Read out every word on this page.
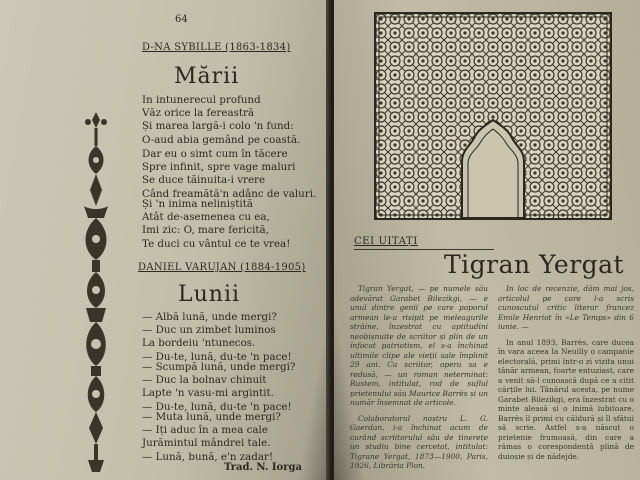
64
D-NA SYBILLE (1863-1834)
Mării
In intunerecul profund
Văz orice la fereastră
Și marea largă-i colo 'n fund:
O-aud abia gemând pe coastă.
Dar eu o simt cum în tăcere
Spre infinit, spre vage maluri
Se duce tăinuita-i vrere
Când freamătă'n adânc de valuri.
Și 'n inima neliniștită
Atât de-asemenea cu ea,
Imi zic: O, mare fericită,
Te duci cu vântul ce te vrea!
DANIEL VARUJAN (1884-1905)
Lunii
— Albă lună, unde mergi?
— Duc un zimbet luminos
La bordeiu 'ntunecos.
— Du-te, lună, du-te 'n pace!
— Scumpă lună, unde mergi?
— Duc la bolnav chinuit
Lapte 'n vasu-mi argintit.
— Du-te, lună, du-te 'n pace!
— Muta lună, unde mergi?
— Iți aduc în a mea cale
Jurămintul mândrei tale.
— Lună, bună, e'n zadar!
Trad. N. Iorga
CEI UITAȚI
Tigran Yergat

Tigran Yergat, — pe numele său adevărat Garabet Bilezikgi, — e unul dintre genii pe care poporul armean le-a risipit pe meleagurile străine, înzestrat cu aptitudini neobișnuite de scriitor și plin de un înfocat patriotism, el s-a închinat ultimile clipe ale vieții sale împlinit 29 ani. Ca scriitor, opera sa e redusă, — un roman neterminat: Rustem, intitulat, rod de suflul prietenului său Maurice Barrès și un număr însemnat de articole.

Colaboratorul nostru L. G. Gaerdan, i-a închinat acum de curând scriitorului său de tinerețe un studiu bine cercetat, intitulat: Tigrane Yergat, 1873—1900, Paris, 1926, Librăria Plon.

In loc de recenzie, dăm mai jos, articolul pe care l-a scris cunoscutul critic literar francez Emile Henriot în «Le Temps» din 6 iunie. —

In anul 1893, Barrès, care ducea în vara aceea la Neuilly o campanie electorală, primi într-o zi vizita unui tânăr armean, foarte entuziast, care a venit să-l cunoască după ce a citit cărțile lui. Tânărul acesta, pe nume Garabet Bilezikgi, era înzestrat cu o minte aleasă și o inimă iubitoare. Barrès îl primi cu căldură și îl sfătui să scrie. Astfel s-a născut o prietenie frumoasă, din care a rămas o corespondență plină de duioșie și de nădejde.
